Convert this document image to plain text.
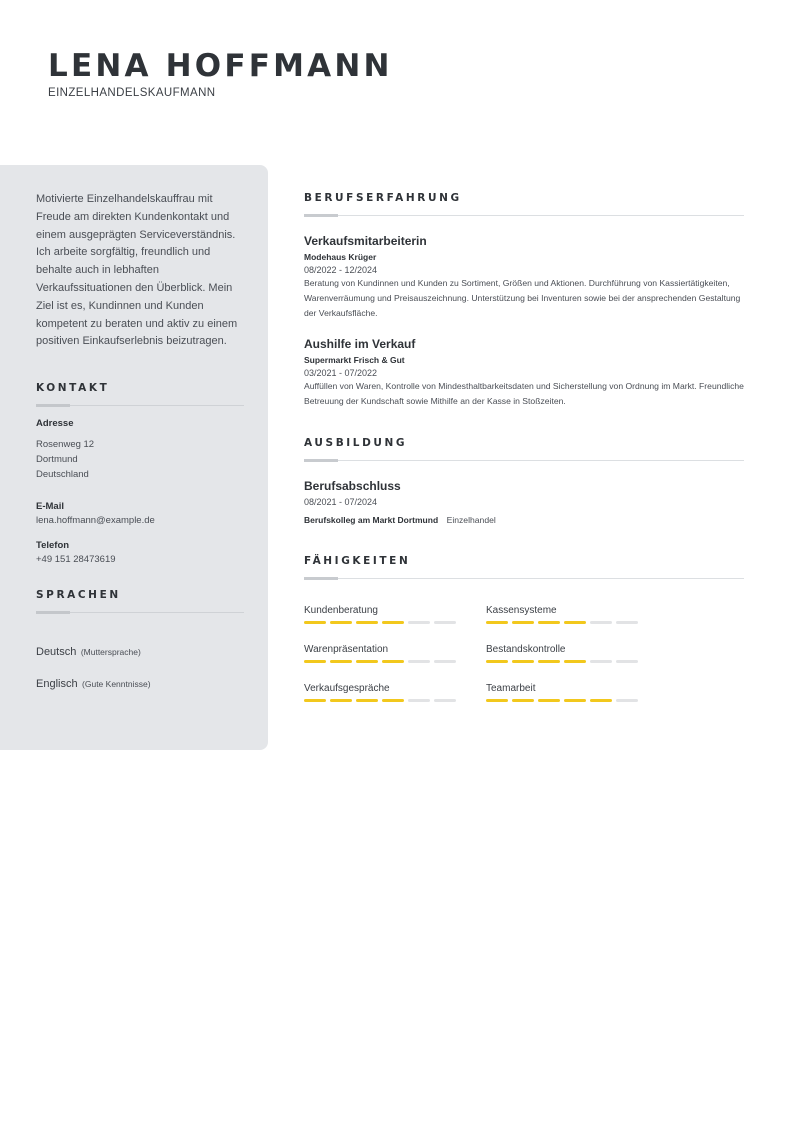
LENA HOFFMANN
EINZELHANDELSKAUFMANN

Motivierte Einzelhandelskauffrau mit Freude am direkten Kundenkontakt und einem ausgeprägten Serviceverständnis. Ich arbeite sorgfältig, freundlich und behalte auch in lebhaften Verkaufssituationen den Überblick. Mein Ziel ist es, Kundinnen und Kunden kompetent zu beraten und aktiv zu einem positiven Einkaufserlebnis beizutragen.

KONTAKT
Adresse
Rosenweg 12
Dortmund
Deutschland
E-Mail
lena.hoffmann@example.de
Telefon
+49 151 28473619
SPRACHEN
Deutsch (Muttersprache)
Englisch (Gute Kenntnisse)
BERUFSERFAHRUNG
Verkaufsmitarbeiterin
Modehaus Krüger
08/2022 - 12/2024
Beratung von Kundinnen und Kunden zu Sortiment, Größen und Aktionen. Durchführung von Kassiertätigkeiten, Warenverräumung und Preisauszeichnung. Unterstützung bei Inventuren sowie bei der ansprechenden Gestaltung der Verkaufsfläche.
Aushilfe im Verkauf
Supermarkt Frisch & Gut
03/2021 - 07/2022
Auffüllen von Waren, Kontrolle von Mindesthaltbarkeitsdaten und Sicherstellung von Ordnung im Markt. Freundliche Betreuung der Kundschaft sowie Mithilfe an der Kasse in Stoßzeiten.
AUSBILDUNG
Berufsabschluss
08/2021 - 07/2024
Berufskolleg am Markt Dortmund Einzelhandel
FÄHIGKEITEN
Kundenberatung	Kassensysteme
Warenpräsentation	Bestandskontrolle
Verkaufsgespräche	Teamarbeit
